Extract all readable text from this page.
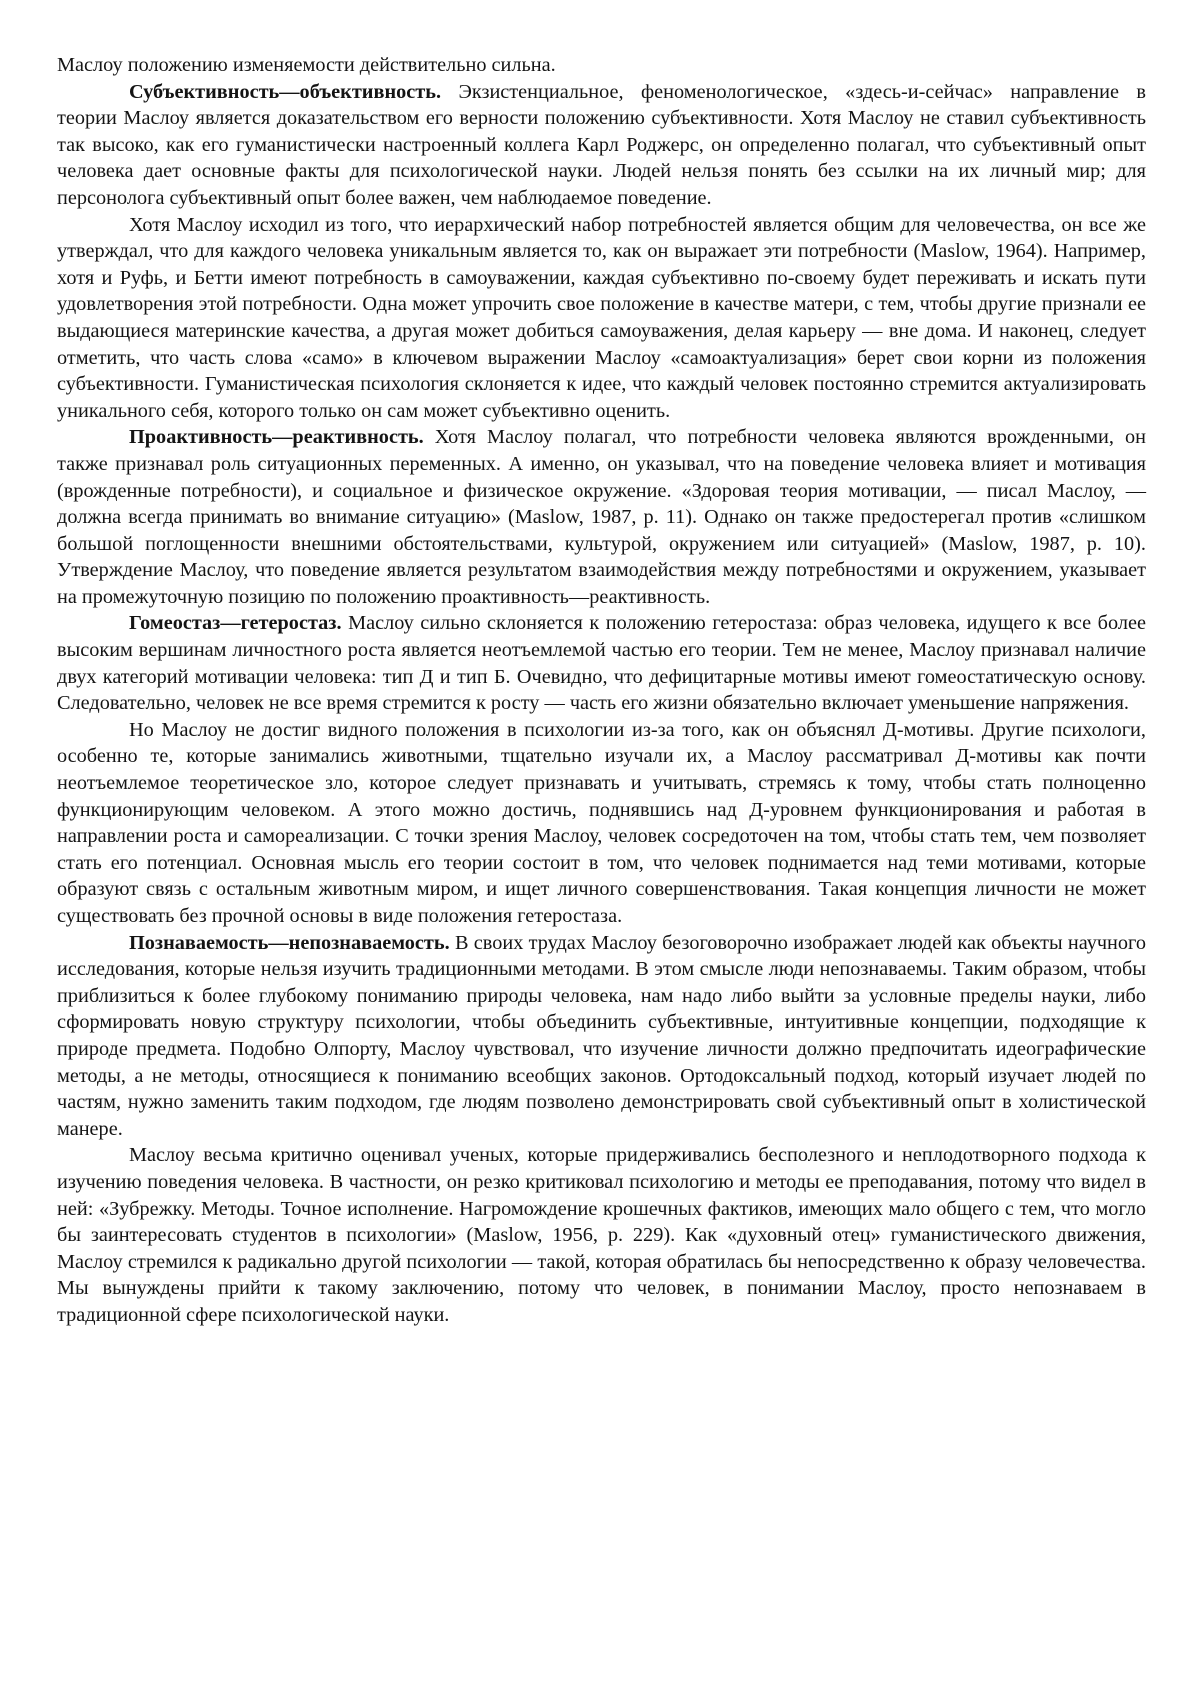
Маслоу положению изменяемости действительно сильна.

Субъективность—объективность. Экзистенциальное, феноменологическое, «здесь-и-сейчас» направление в теории Маслоу является доказательством его верности положению субъективности. Хотя Маслоу не ставил субъективность так высоко, как его гуманистически настроенный коллега Карл Роджерс, он определенно полагал, что субъективный опыт человека дает основные факты для психологической науки. Людей нельзя понять без ссылки на их личный мир; для персонолога субъективный опыт более важен, чем наблюдаемое поведение.

Хотя Маслоу исходил из того, что иерархический набор потребностей является общим для человечества, он все же утверждал, что для каждого человека уникальным является то, как он выражает эти потребности (Maslow, 1964). Например, хотя и Руфь, и Бетти имеют потребность в самоуважении, каждая субъективно по-своему будет переживать и искать пути удовлетворения этой потребности. Одна может упрочить свое положение в качестве матери, с тем, чтобы другие признали ее выдающиеся материнские качества, а другая может добиться самоуважения, делая карьеру — вне дома. И наконец, следует отметить, что часть слова «само» в ключевом выражении Маслоу «самоактуализация» берет свои корни из положения субъективности. Гуманистическая психология склоняется к идее, что каждый человек постоянно стремится актуализировать уникального себя, которого только он сам может субъективно оценить.

Проактивность—реактивность. Хотя Маслоу полагал, что потребности человека являются врожденными, он также признавал роль ситуационных переменных. А именно, он указывал, что на поведение человека влияет и мотивация (врожденные потребности), и социальное и физическое окружение. «Здоровая теория мотивации, — писал Маслоу, — должна всегда принимать во внимание ситуацию» (Maslow, 1987, p. 11). Однако он также предостерегал против «слишком большой поглощенности внешними обстоятельствами, культурой, окружением или ситуацией» (Maslow, 1987, p. 10). Утверждение Маслоу, что поведение является результатом взаимодействия между потребностями и окружением, указывает на промежуточную позицию по положению проактивность—реактивность.

Гомеостаз—гетеростаз. Маслоу сильно склоняется к положению гетеростаза: образ человека, идущего к все более высоким вершинам личностного роста является неотъемлемой частью его теории. Тем не менее, Маслоу признавал наличие двух категорий мотивации человека: тип Д и тип Б. Очевидно, что дефицитарные мотивы имеют гомеостатическую основу. Следовательно, человек не все время стремится к росту — часть его жизни обязательно включает уменьшение напряжения.

Но Маслоу не достиг видного положения в психологии из-за того, как он объяснял Д-мотивы. Другие психологи, особенно те, которые занимались животными, тщательно изучали их, а Маслоу рассматривал Д-мотивы как почти неотъемлемое теоретическое зло, которое следует признавать и учитывать, стремясь к тому, чтобы стать полноценно функционирующим человеком. А этого можно достичь, поднявшись над Д-уровнем функционирования и работая в направлении роста и самореализации. С точки зрения Маслоу, человек сосредоточен на том, чтобы стать тем, чем позволяет стать его потенциал. Основная мысль его теории состоит в том, что человек поднимается над теми мотивами, которые образуют связь с остальным животным миром, и ищет личного совершенствования. Такая концепция личности не может существовать без прочной основы в виде положения гетеростаза.

Познаваемость—непознаваемость. В своих трудах Маслоу безоговорочно изображает людей как объекты научного исследования, которые нельзя изучить традиционными методами. В этом смысле люди непознаваемы. Таким образом, чтобы приблизиться к более глубокому пониманию природы человека, нам надо либо выйти за условные пределы науки, либо сформировать новую структуру психологии, чтобы объединить субъективные, интуитивные концепции, подходящие к природе предмета. Подобно Олпорту, Маслоу чувствовал, что изучение личности должно предпочитать идеографические методы, а не методы, относящиеся к пониманию всеобщих законов. Ортодоксальный подход, который изучает людей по частям, нужно заменить таким подходом, где людям позволено демонстрировать свой субъективный опыт в холистической манере.

Маслоу весьма критично оценивал ученых, которые придерживались бесполезного и неплодотворного подхода к изучению поведения человека. В частности, он резко критиковал психологию и методы ее преподавания, потому что видел в ней: «Зубрежку. Методы. Точное исполнение. Нагромождение крошечных фактиков, имеющих мало общего с тем, что могло бы заинтересовать студентов в психологии» (Maslow, 1956, p. 229). Как «духовный отец» гуманистического движения, Маслоу стремился к радикально другой психологии — такой, которая обратилась бы непосредственно к образу человечества. Мы вынуждены прийти к такому заключению, потому что человек, в понимании Маслоу, просто непознаваем в традиционной сфере психологической науки.
